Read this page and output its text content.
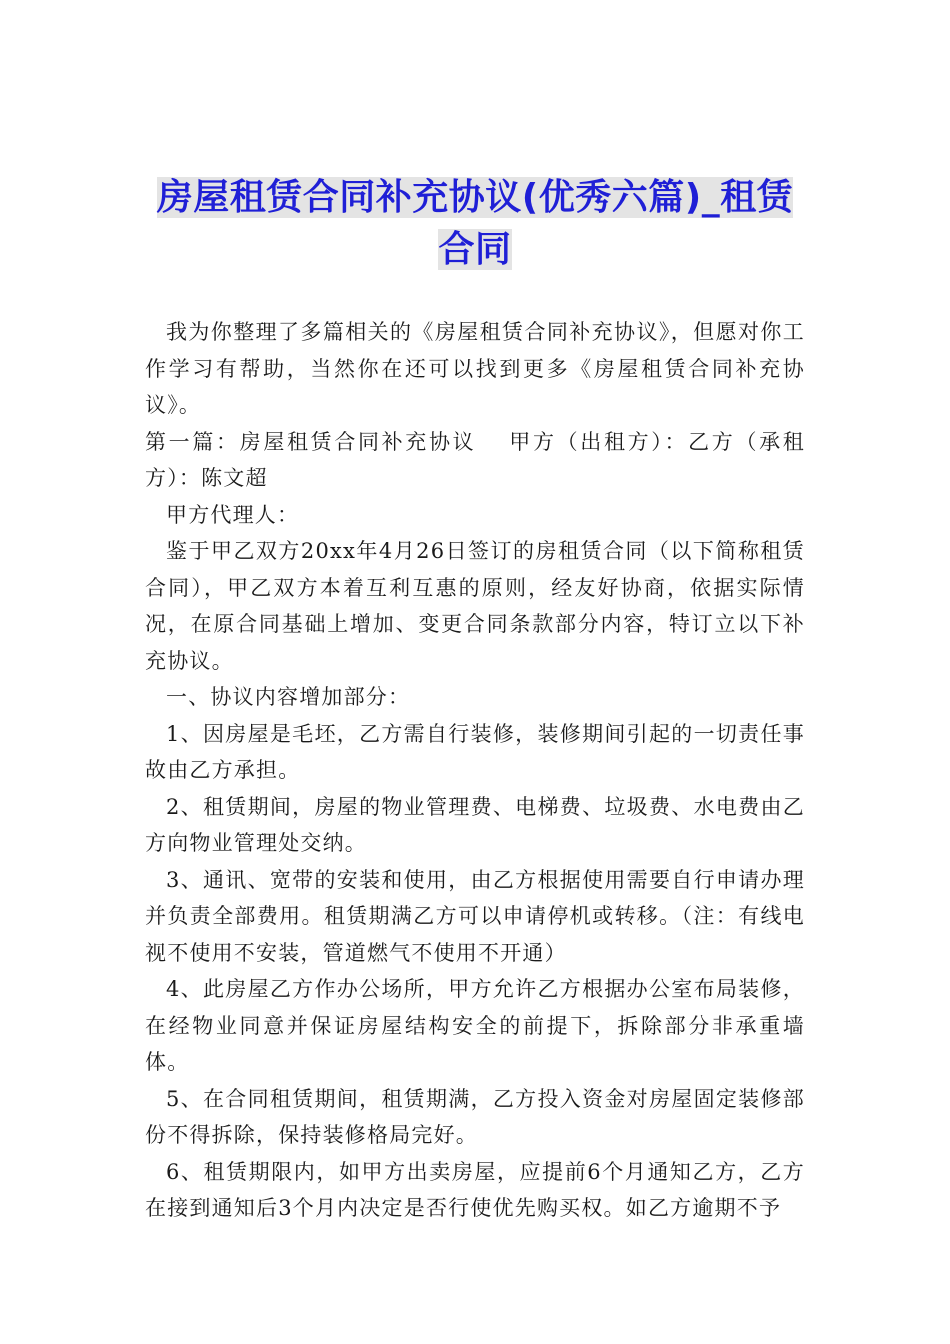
房屋租赁合同补充协议(优秀六篇)_租赁合同

我为你整理了多篇相关的《房屋租赁合同补充协议》，但愿对你工作学习有帮助，当然你在还可以找到更多《房屋租赁合同补充协议》。

第一篇：房屋租赁合同补充协议　 甲方（出租方）：乙方（承租方）：陈文超

甲方代理人：

鉴于甲乙双方20xx年4月26日签订的房租赁合同（以下简称租赁合同），甲乙双方本着互利互惠的原则，经友好协商，依据实际情况，在原合同基础上增加、变更合同条款部分内容，特订立以下补充协议。

一、协议内容增加部分：

1、因房屋是毛坯，乙方需自行装修，装修期间引起的一切责任事故由乙方承担。

2、租赁期间，房屋的物业管理费、电梯费、垃圾费、水电费由乙方向物业管理处交纳。

3、通讯、宽带的安装和使用，由乙方根据使用需要自行申请办理并负责全部费用。租赁期满乙方可以申请停机或转移。（注：有线电视不使用不安装，管道燃气不使用不开通）

4、此房屋乙方作办公场所，甲方允许乙方根据办公室布局装修，在经物业同意并保证房屋结构安全的前提下，拆除部分非承重墙体。

5、在合同租赁期间，租赁期满，乙方投入资金对房屋固定装修部份不得拆除，保持装修格局完好。

6、租赁期限内，如甲方出卖房屋，应提前6个月通知乙方，乙方在接到通知后3个月内决定是否行使优先购买权。如乙方逾期不予
